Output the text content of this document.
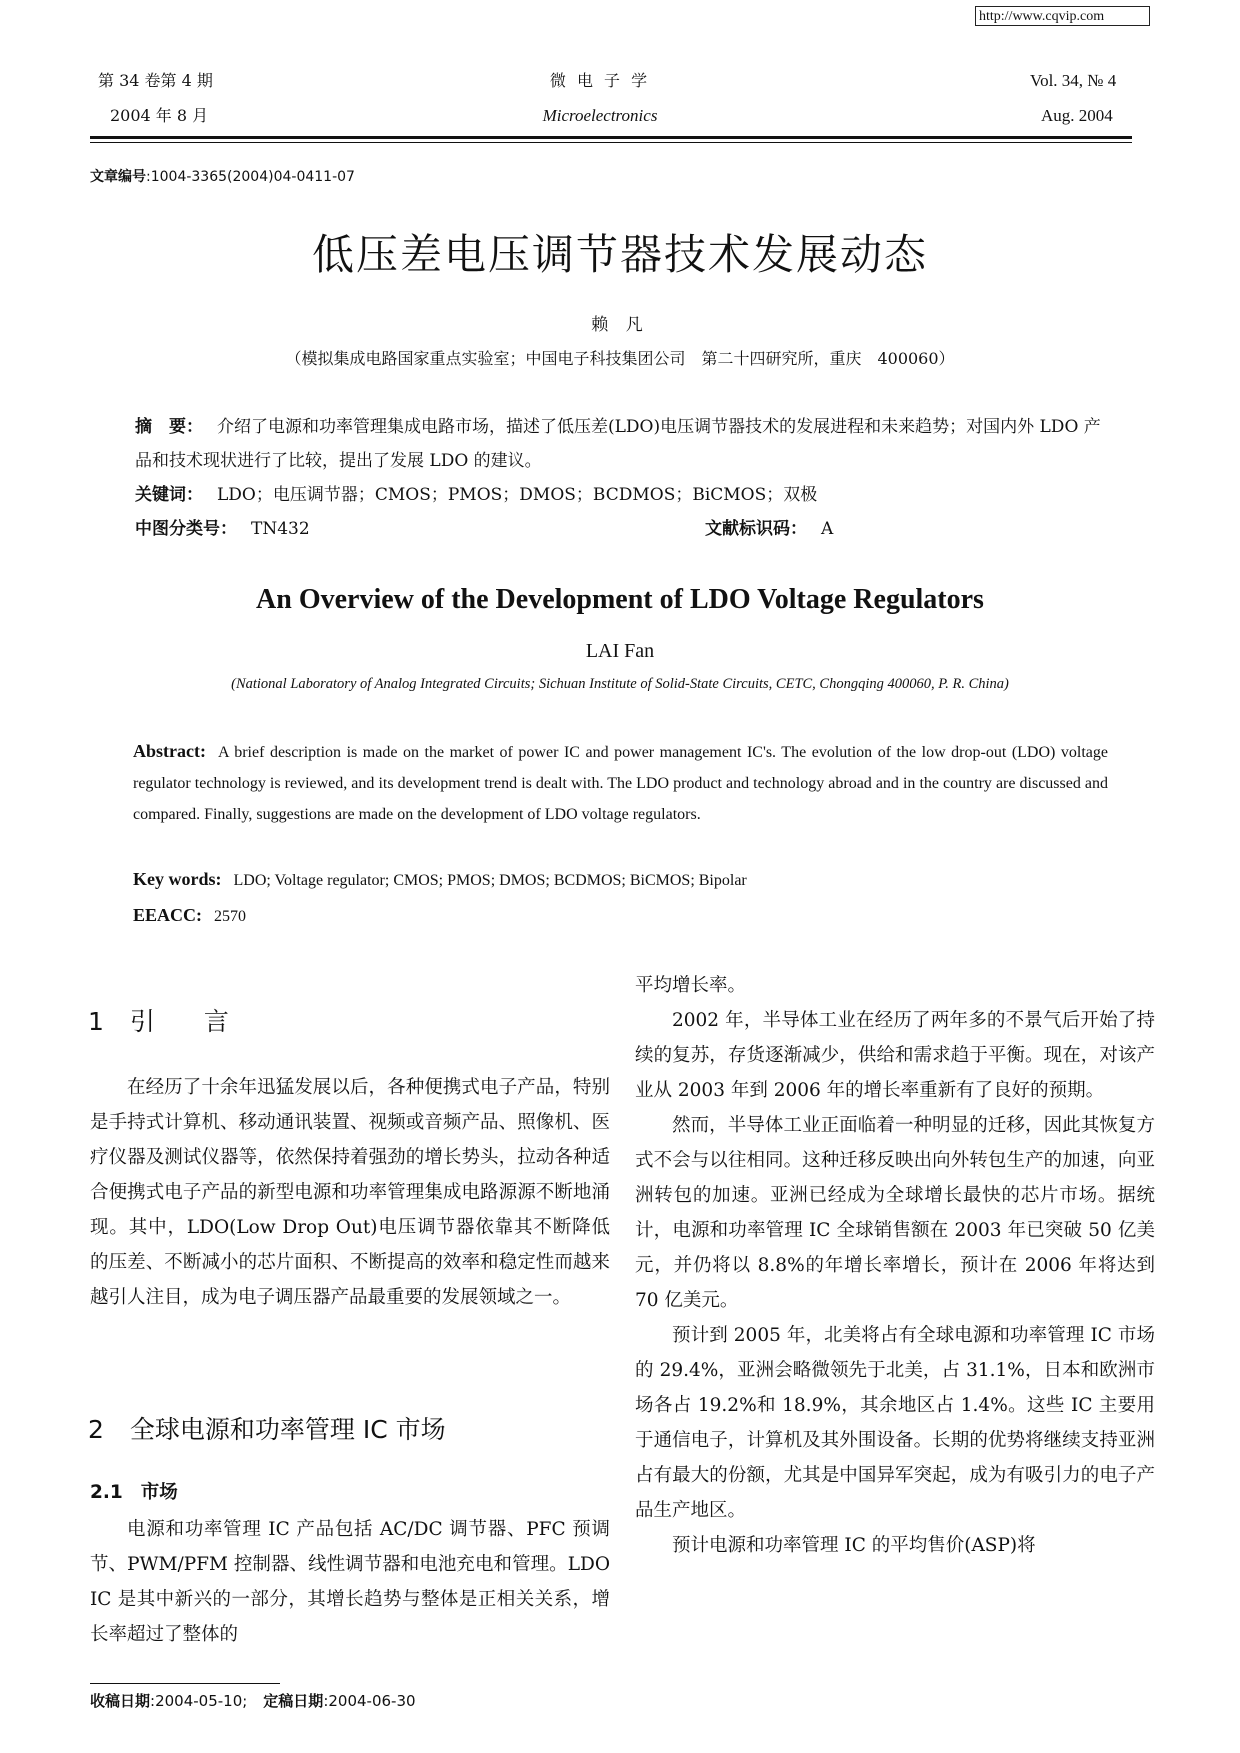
http://www.cqvip.com
第 34 卷第 4 期
2004 年 8 月
微 电 子 学
Microelectronics
Vol. 34, № 4
Aug. 2004
文章编号:1004-3365(2004)04-0411-07
低压差电压调节器技术发展动态
赖 凡
（模拟集成电路国家重点实验室；中国电子科技集团公司　第二十四研究所，重庆　400060）
摘　要： 介绍了电源和功率管理集成电路市场，描述了低压差(LDO)电压调节器技术的发展进程和未来趋势；对国内外 LDO 产品和技术现状进行了比较，提出了发展 LDO 的建议。
关键词： LDO；电压调节器；CMOS；PMOS；DMOS；BCDMOS；BiCMOS；双极
中图分类号： TN432	文献标识码： A
An Overview of the Development of LDO Voltage Regulators
LAI Fan
(National Laboratory of Analog Integrated Circuits; Sichuan Institute of Solid-State Circuits, CETC, Chongqing 400060, P. R. China)
Abstract: A brief description is made on the market of power IC and power management IC's. The evolution of the low drop-out (LDO) voltage regulator technology is reviewed, and its development trend is dealt with. The LDO product and technology abroad and in the country are discussed and compared. Finally, suggestions are made on the development of LDO voltage regulators.
Key words: LDO; Voltage regulator; CMOS; PMOS; DMOS; BCDMOS; BiCMOS; Bipolar
EEACC: 2570
1 引　言

在经历了十余年迅猛发展以后，各种便携式电子产品，特别是手持式计算机、移动通讯装置、视频或音频产品、照像机、医疗仪器及测试仪器等，依然保持着强劲的增长势头，拉动各种适合便携式电子产品的新型电源和功率管理集成电路源源不断地涌现。其中，LDO(Low Drop Out)电压调节器依靠其不断降低的压差、不断减小的芯片面积、不断提高的效率和稳定性而越来越引人注目，成为电子调压器产品最重要的发展领域之一。

2 全球电源和功率管理 IC 市场
2.1 市场

电源和功率管理 IC 产品包括 AC/DC 调节器、PFC 预调节、PWM/PFM 控制器、线性调节器和电池充电和管理。LDO IC 是其中新兴的一部分，其增长趋势与整体是正相关关系，增长率超过了整体的

平均增长率。

2002 年，半导体工业在经历了两年多的不景气后开始了持续的复苏，存货逐渐减少，供给和需求趋于平衡。现在，对该产业从 2003 年到 2006 年的增长率重新有了良好的预期。

然而，半导体工业正面临着一种明显的迁移，因此其恢复方式不会与以往相同。这种迁移反映出向外转包生产的加速，向亚洲转包的加速。亚洲已经成为全球增长最快的芯片市场。据统计，电源和功率管理 IC 全球销售额在 2003 年已突破 50 亿美元，并仍将以 8.8%的年增长率增长，预计在 2006 年将达到 70 亿美元。

预计到 2005 年，北美将占有全球电源和功率管理 IC 市场的 29.4%，亚洲会略微领先于北美，占 31.1%，日本和欧洲市场各占 19.2%和 18.9%，其余地区占 1.4%。这些 IC 主要用于通信电子，计算机及其外围设备。长期的优势将继续支持亚洲占有最大的份额，尤其是中国异军突起，成为有吸引力的电子产品生产地区。

预计电源和功率管理 IC 的平均售价(ASP)将

收稿日期:2004-05-10; 定稿日期:2004-06-30
